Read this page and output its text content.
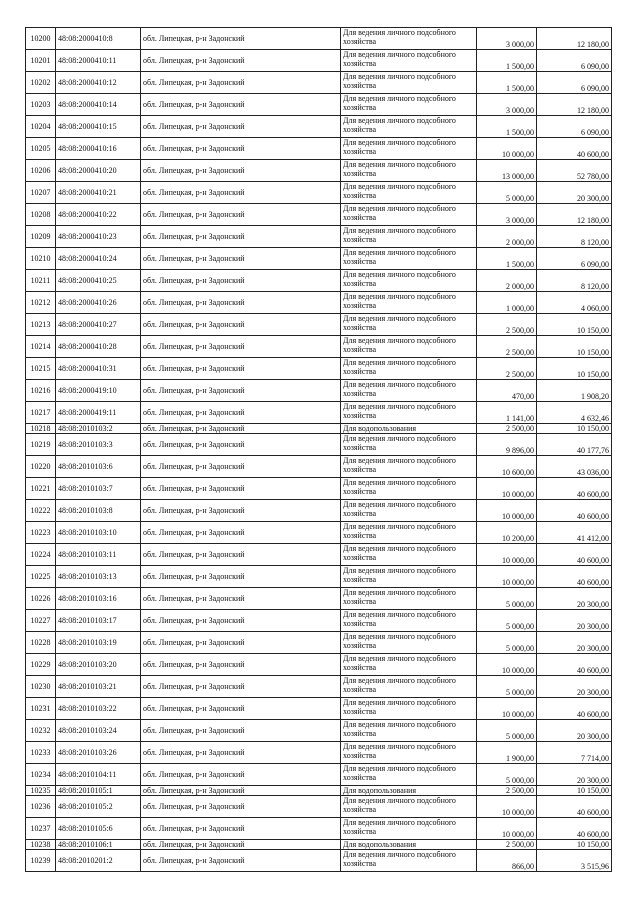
10200	48:08:2000410:8	обл. Липецкая, р-н Задонский	Для ведения личного подсобного хозяйства	3 000,00	12 180,00
10201	48:08:2000410:11	обл. Липецкая, р-н Задонский	Для ведения личного подсобного хозяйства	1 500,00	6 090,00
10202	48:08:2000410:12	обл. Липецкая, р-н Задонский	Для ведения личного подсобного хозяйства	1 500,00	6 090,00
10203	48:08:2000410:14	обл. Липецкая, р-н Задонский	Для ведения личного подсобного хозяйства	3 000,00	12 180,00
10204	48:08:2000410:15	обл. Липецкая, р-н Задонский	Для ведения личного подсобного хозяйства	1 500,00	6 090,00
10205	48:08:2000410:16	обл. Липецкая, р-н Задонский	Для ведения личного подсобного хозяйства	10 000,00	40 600,00
10206	48:08:2000410:20	обл. Липецкая, р-н Задонский	Для ведения личного подсобного хозяйства	13 000,00	52 780,00
10207	48:08:2000410:21	обл. Липецкая, р-н Задонский	Для ведения личного подсобного хозяйства	5 000,00	20 300,00
10208	48:08:2000410:22	обл. Липецкая, р-н Задонский	Для ведения личного подсобного хозяйства	3 000,00	12 180,00
10209	48:08:2000410:23	обл. Липецкая, р-н Задонский	Для ведения личного подсобного хозяйства	2 000,00	8 120,00
10210	48:08:2000410:24	обл. Липецкая, р-н Задонский	Для ведения личного подсобного хозяйства	1 500,00	6 090,00
10211	48:08:2000410:25	обл. Липецкая, р-н Задонский	Для ведения личного подсобного хозяйства	2 000,00	8 120,00
10212	48:08:2000410:26	обл. Липецкая, р-н Задонский	Для ведения личного подсобного хозяйства	1 000,00	4 060,00
10213	48:08:2000410:27	обл. Липецкая, р-н Задонский	Для ведения личного подсобного хозяйства	2 500,00	10 150,00
10214	48:08:2000410:28	обл. Липецкая, р-н Задонский	Для ведения личного подсобного хозяйства	2 500,00	10 150,00
10215	48:08:2000410:31	обл. Липецкая, р-н Задонский	Для ведения личного подсобного хозяйства	2 500,00	10 150,00
10216	48:08:2000419:10	обл. Липецкая, р-н Задонский	Для ведения личного подсобного хозяйства	470,00	1 908,20
10217	48:08:2000419:11	обл. Липецкая, р-н Задонский	Для ведения личного подсобного хозяйства	1 141,00	4 632,46
10218	48:08:2010103:2	обл. Липецкая, р-н Задонский	Для водопользования	2 500,00	10 150,00
10219	48:08:2010103:3	обл. Липецкая, р-н Задонский	Для ведения личного подсобного хозяйства	9 896,00	40 177,76
10220	48:08:2010103:6	обл. Липецкая, р-н Задонский	Для ведения личного подсобного хозяйства	10 600,00	43 036,00
10221	48:08:2010103:7	обл. Липецкая, р-н Задонский	Для ведения личного подсобного хозяйства	10 000,00	40 600,00
10222	48:08:2010103:8	обл. Липецкая, р-н Задонский	Для ведения личного подсобного хозяйства	10 000,00	40 600,00
10223	48:08:2010103:10	обл. Липецкая, р-н Задонский	Для ведения личного подсобного хозяйства	10 200,00	41 412,00
10224	48:08:2010103:11	обл. Липецкая, р-н Задонский	Для ведения личного подсобного хозяйства	10 000,00	40 600,00
10225	48:08:2010103:13	обл. Липецкая, р-н Задонский	Для ведения личного подсобного хозяйства	10 000,00	40 600,00
10226	48:08:2010103:16	обл. Липецкая, р-н Задонский	Для ведения личного подсобного хозяйства	5 000,00	20 300,00
10227	48:08:2010103:17	обл. Липецкая, р-н Задонский	Для ведения личного подсобного хозяйства	5 000,00	20 300,00
10228	48:08:2010103:19	обл. Липецкая, р-н Задонский	Для ведения личного подсобного хозяйства	5 000,00	20 300,00
10229	48:08:2010103:20	обл. Липецкая, р-н Задонский	Для ведения личного подсобного хозяйства	10 000,00	40 600,00
10230	48:08:2010103:21	обл. Липецкая, р-н Задонский	Для ведения личного подсобного хозяйства	5 000,00	20 300,00
10231	48:08:2010103:22	обл. Липецкая, р-н Задонский	Для ведения личного подсобного хозяйства	10 000,00	40 600,00
10232	48:08:2010103:24	обл. Липецкая, р-н Задонский	Для ведения личного подсобного хозяйства	5 000,00	20 300,00
10233	48:08:2010103:26	обл. Липецкая, р-н Задонский	Для ведения личного подсобного хозяйства	1 900,00	7 714,00
10234	48:08:2010104:11	обл. Липецкая, р-н Задонский	Для ведения личного подсобного хозяйства	5 000,00	20 300,00
10235	48:08:2010105:1	обл. Липецкая, р-н Задонский	Для водопользования	2 500,00	10 150,00
10236	48:08:2010105:2	обл. Липецкая, р-н Задонский	Для ведения личного подсобного хозяйства	10 000,00	40 600,00
10237	48:08:2010105:6	обл. Липецкая, р-н Задонский	Для ведения личного подсобного хозяйства	10 000,00	40 600,00
10238	48:08:2010106:1	обл. Липецкая, р-н Задонский	Для водопользования	2 500,00	10 150,00
10239	48:08:2010201:2	обл. Липецкая, р-н Задонский	Для ведения личного подсобного хозяйства	866,00	3 515,96
